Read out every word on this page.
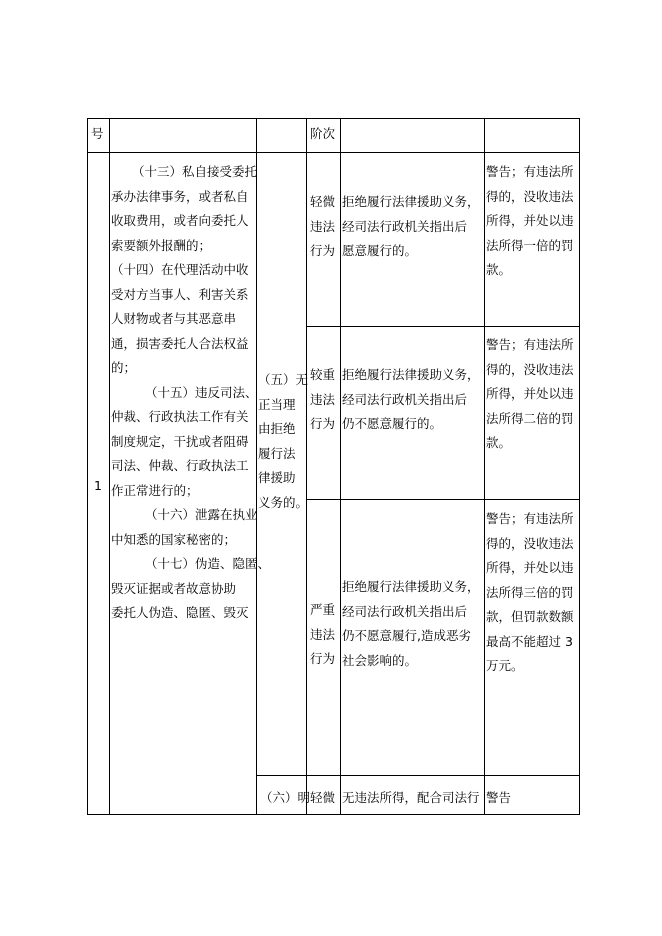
号	阶次
1
（十三）私自接受委托
承办法律事务，或者私自
收取费用，或者向委托人
索要额外报酬的；
（十四）在代理活动中收
受对方当事人、利害关系
人财物或者与其恶意串
通，损害委托人合法权益
的；
（十五）违反司法、
仲裁、行政执法工作有关
制度规定，干扰或者阻碍
司法、仲裁、行政执法工
作正常进行的；
（十六）泄露在执业
中知悉的国家秘密的；
（十七）伪造、隐匿、
毁灭证据或者故意协助
委托人伪造、隐匿、毁灭
（五）无
正当理
由拒绝
履行法
律援助
义务的。
（六）明
轻微
违法
行为
拒绝履行法律援助义务，
经司法行政机关指出后
愿意履行的。
警告；有违法所
得的，没收违法
所得，并处以违
法所得一倍的罚
款。
较重
违法
行为
拒绝履行法律援助义务，
经司法行政机关指出后
仍不愿意履行的。
警告；有违法所
得的，没收违法
所得，并处以违
法所得二倍的罚
款。
严重
违法
行为
拒绝履行法律援助义务，
经司法行政机关指出后
仍不愿意履行,造成恶劣
社会影响的。
警告；有违法所
得的，没收违法
所得，并处以违
法所得三倍的罚
款，但罚款数额
最高不能超过 3
万元。
轻微 无违法所得，配合司法行 警告
